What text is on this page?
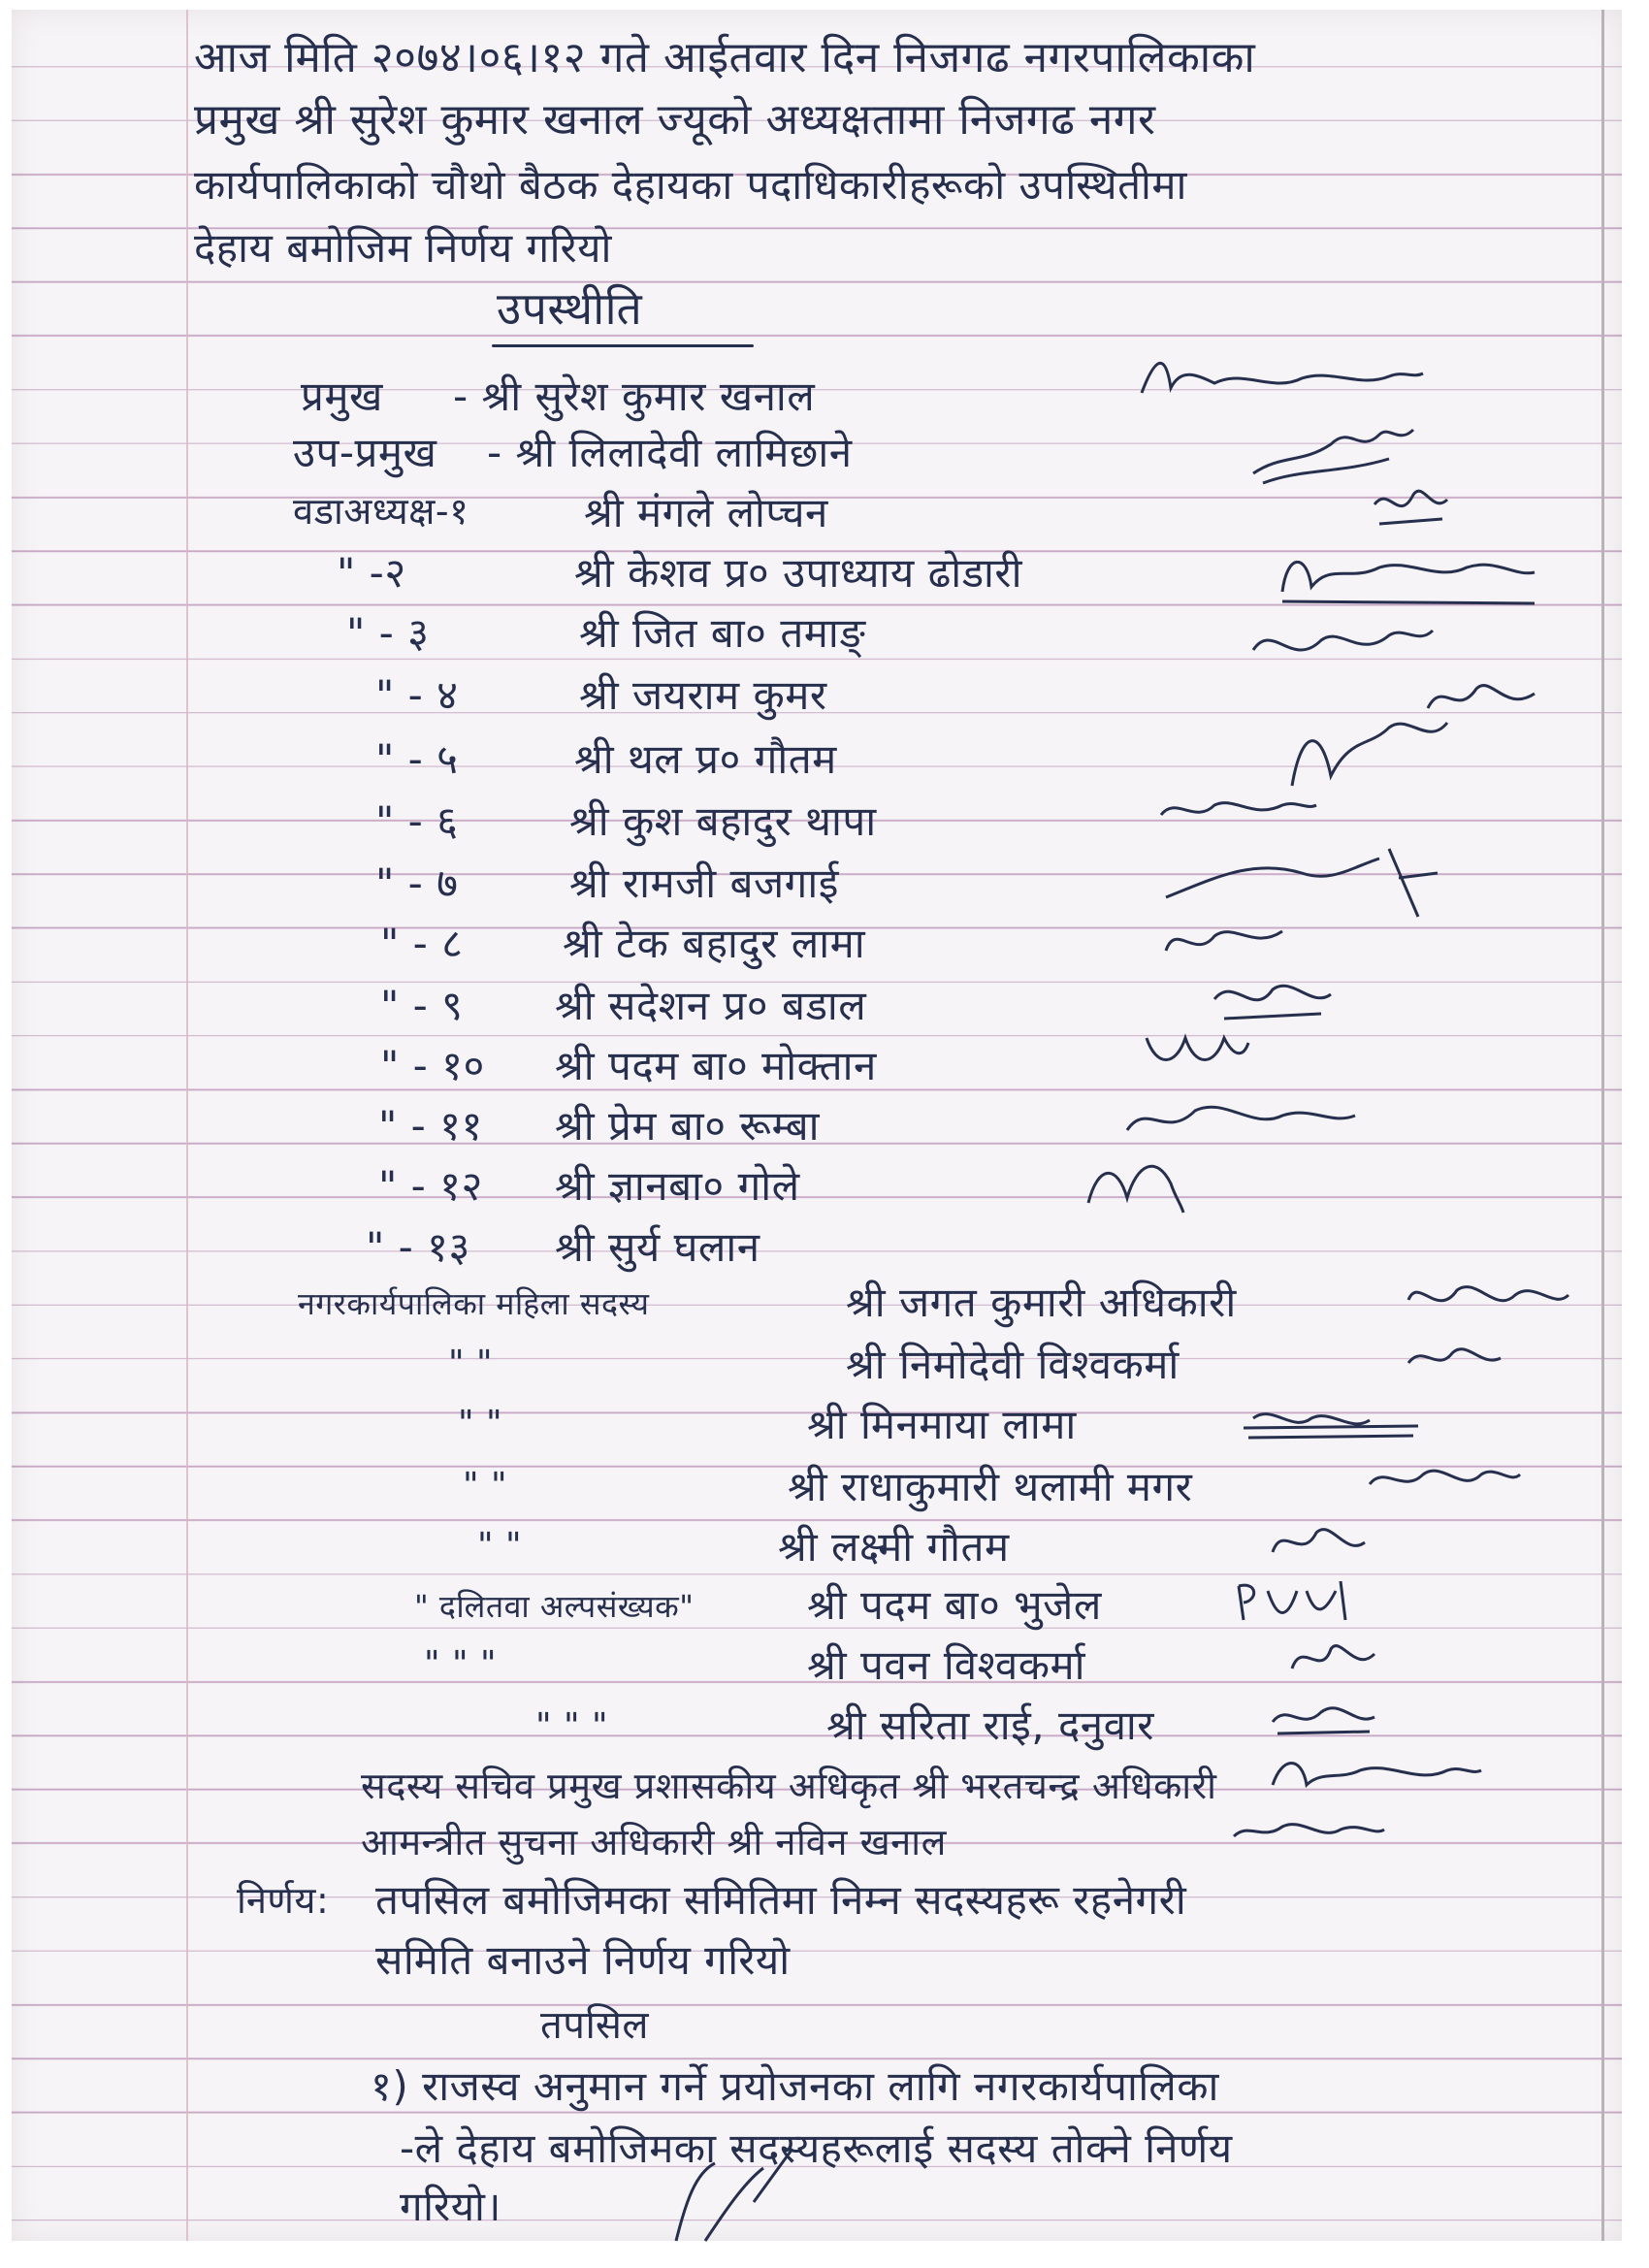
आज मिति २०७४।०६।१२ गते आईतवार दिन निजगढ नगरपालिकाका
प्रमुख श्री सुरेश कुमार खनाल ज्यूको अध्यक्षतामा निजगढ नगर
कार्यपालिकाको चौथो बैठक देहायका पदाधिकारीहरूको उपस्थितीमा
देहाय बमोजिम निर्णय गरियो
उपस्थीति
प्रमुख - श्री सुरेश कुमार खनाल
उप-प्रमुख - श्री लिलादेवी लामिछाने
वडाअध्यक्ष-१	श्री मंगले लोप्चन
" -२	श्री केशव प्र० उपाध्याय ढोडारी
" - ३	श्री जित बा० तमाङ्
" - ४	श्री जयराम कुमर
" - ५	श्री थल प्र० गौतम
" - ६	श्री कुश बहादुर थापा
" - ७	श्री रामजी बजगाई
" - ८ श्री टेक बहादुर लामा
" - ९ श्री सदेशन प्र० बडाल
" - १० श्री पदम बा० मोक्तान
" - ११ श्री प्रेम बा० रूम्बा
" - १२ श्री ज्ञानबा० गोले
" - १३ श्री सुर्य घलान
नगरकार्यपालिका महिला सदस्य	श्री जगत कुमारी अधिकारी
" "	श्री निमोदेवी विश्वकर्मा
" "	श्री मिनमाया लामा
" "	श्री राधाकुमारी थलामी मगर
" "	श्री लक्ष्मी गौतम
" दलितवा अल्पसंख्यक"	श्री पदम बा० भुजेल
" " "	श्री पवन विश्वकर्मा
" " "	श्री सरिता राई, दनुवार
सदस्य सचिव प्रमुख प्रशासकीय अधिकृत श्री भरतचन्द्र अधिकारी
आमन्त्रीत सुचना अधिकारी श्री नविन खनाल
निर्णय: तपसिल बमोजिमका समितिमा निम्न सदस्यहरू रहनेगरी
समिति बनाउने निर्णय गरियो
तपसिल
१) राजस्व अनुमान गर्ने प्रयोजनका लागि नगरकार्यपालिका
-ले देहाय बमोजिमका सदस्यहरूलाई सदस्य तोक्ने निर्णय
गरियो।
